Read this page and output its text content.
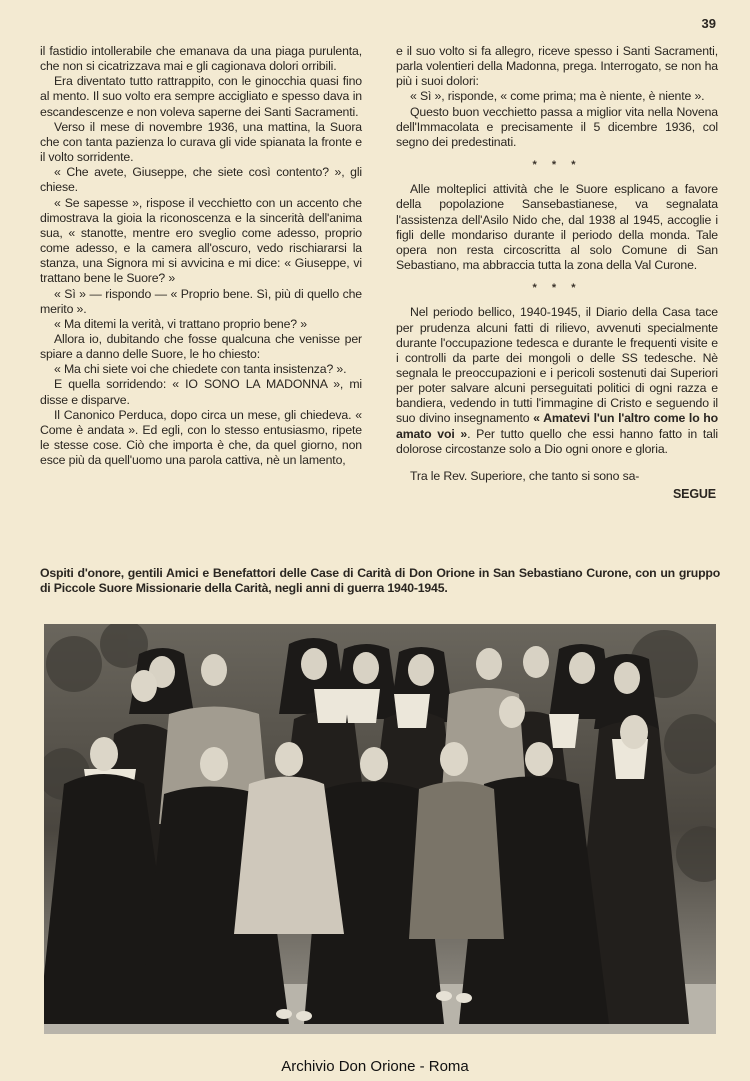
39

il fastidio intollerabile che emanava da una piaga purulenta, che non si cicatrizzava mai e gli cagionava dolori orribili.

Era diventato tutto rattrappito, con le ginocchia quasi fino al mento. Il suo volto era sempre accigliato e spesso dava in escandescenze e non voleva saperne dei Santi Sacramenti.

Verso il mese di novembre 1936, una mattina, la Suora che con tanta pazienza lo curava gli vide spianata la fronte e il volto sorridente.

« Che avete, Giuseppe, che siete così contento? », gli chiese.

« Se sapesse », rispose il vecchietto con un accento che dimostrava la gioia la riconoscenza e la sincerità dell'anima sua, « stanotte, mentre ero sveglio come adesso, proprio come adesso, e la camera all'oscuro, vedo rischiararsi la stanza, una Signora mi si avvicina e mi dice: « Giuseppe, vi trattano bene le Suore? »

« Sì » — rispondo — « Proprio bene. Sì, più di quello che merito ».

« Ma ditemi la verità, vi trattano proprio bene? »

Allora io, dubitando che fosse qualcuna che venisse per spiare a danno delle Suore, le ho chiesto:

« Ma chi siete voi che chiedete con tanta insistenza? ».

E quella sorridendo: « IO SONO LA MADONNA », mi disse e disparve.

Il Canonico Perduca, dopo circa un mese, gli chiedeva. « Come è andata ». Ed egli, con lo stesso entusiasmo, ripete le stesse cose. Ciò che importa è che, da quel giorno, non esce più da quell'uomo una parola cattiva, nè un lamento,

e il suo volto si fa allegro, riceve spesso i Santi Sacramenti, parla volentieri della Madonna, prega. Interrogato, se non ha più i suoi dolori:

« Sì », risponde, « come prima; ma è niente, è niente ».

Questo buon vecchietto passa a miglior vita nella Novena dell'Immacolata e precisamente il 5 dicembre 1936, col segno dei predestinati.

* * *

Alle molteplici attività che le Suore esplicano a favore della popolazione Sansebastianese, va segnalata l'assistenza dell'Asilo Nido che, dal 1938 al 1945, accoglie i figli delle mondariso durante il periodo della monda. Tale opera non resta circoscritta al solo Comune di San Sebastiano, ma abbraccia tutta la zona della Val Curone.

* * *

Nel periodo bellico, 1940-1945, il Diario della Casa tace per prudenza alcuni fatti di rilievo, avvenuti specialmente durante l'occupazione tedesca e durante le frequenti visite e i controlli da parte dei mongoli o delle SS tedesche. Nè segnala le preoccupazioni e i pericoli sostenuti dai Superiori per poter salvare alcuni perseguitati politici di ogni razza e bandiera, vedendo in tutti l'immagine di Cristo e seguendo il suo divino insegnamento « Amatevi l'un l'altro come lo ho amato voi ». Per tutto quello che essi hanno fatto in tali dolorose circostanze solo a Dio ogni onore e gloria.

Tra le Rev. Superiore, che tanto si sono sa-

SEGUE
Ospiti d'onore, gentili Amici e Benefattori delle Case di Carità di Don Orione in San Sebastiano Curone, con un gruppo di Piccole Suore Missionarie della Carità, negli anni di guerra 1940-1945.
Archivio Don Orione - Roma
